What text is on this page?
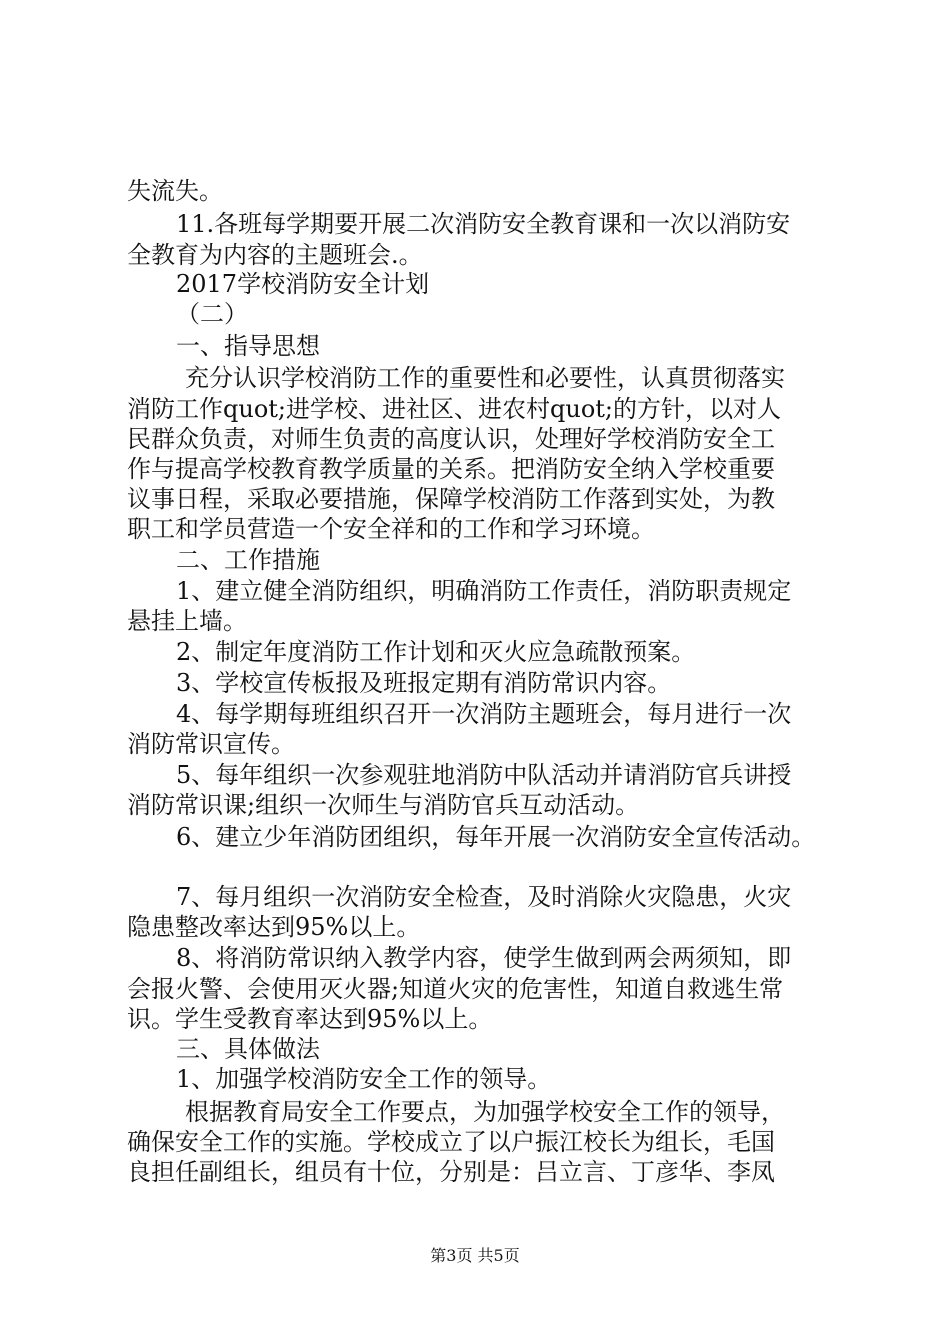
失流失。

11.各班每学期要开展二次消防安全教育课和一次以消防安

全教育为内容的主题班会.。

2017学校消防安全计划

（二）

一、指导思想

充分认识学校消防工作的重要性和必要性，认真贯彻落实

消防工作quot;进学校、进社区、进农村quot;的方针，以对人

民群众负责，对师生负责的高度认识，处理好学校消防安全工

作与提高学校教育教学质量的关系。把消防安全纳入学校重要

议事日程，采取必要措施，保障学校消防工作落到实处，为教

职工和学员营造一个安全祥和的工作和学习环境。

二、工作措施

1、建立健全消防组织，明确消防工作责任，消防职责规定

悬挂上墙。

2、制定年度消防工作计划和灭火应急疏散预案。

3、学校宣传板报及班报定期有消防常识内容。

4、每学期每班组织召开一次消防主题班会，每月进行一次

消防常识宣传。

5、每年组织一次参观驻地消防中队活动并请消防官兵讲授

消防常识课;组织一次师生与消防官兵互动活动。

6、建立少年消防团组织，每年开展一次消防安全宣传活动。

7、每月组织一次消防安全检查，及时消除火灾隐患，火灾

隐患整改率达到95%以上。

8、将消防常识纳入教学内容，使学生做到两会两须知，即

会报火警、会使用灭火器;知道火灾的危害性，知道自救逃生常

识。学生受教育率达到95%以上。

三、具体做法

1、加强学校消防安全工作的领导。

根据教育局安全工作要点，为加强学校安全工作的领导，

确保安全工作的实施。学校成立了以户振江校长为组长，毛国

良担任副组长，组员有十位，分别是：吕立言、丁彦华、李凤

第3页 共5页
